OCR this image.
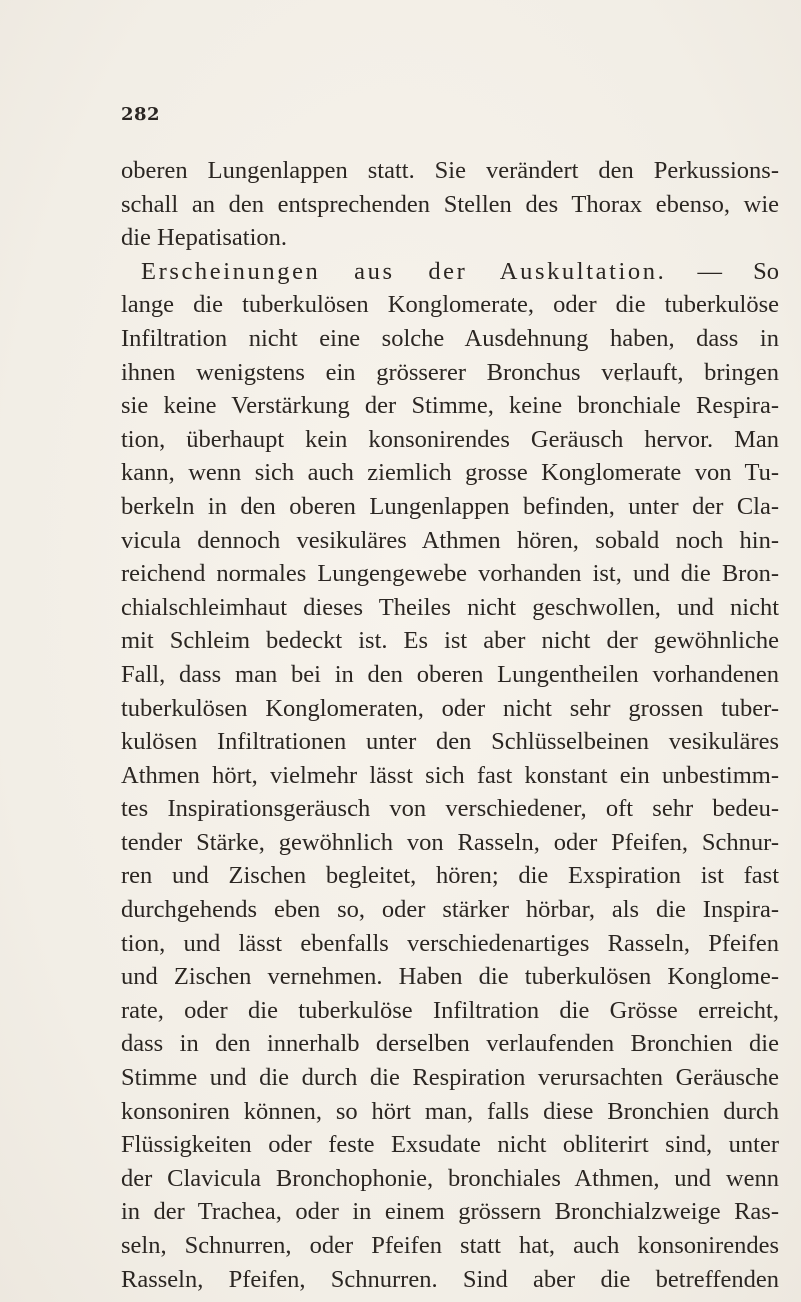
282
oberen Lungenlappen statt. Sie verändert den Perkussions-
schall an den entsprechenden Stellen des Thorax ebenso, wie
die Hepatisation.
Erscheinungen aus der Auskultation. — So
lange die tuberkulösen Konglomerate, oder die tuberkulöse
Infiltration nicht eine solche Ausdehnung haben, dass in
ihnen wenigstens ein grösserer Bronchus verlauft, bringen
sie keine Verstärkung der Stimme, keine bronchiale Respira-
tion, überhaupt kein konsonirendes Geräusch hervor. Man
kann, wenn sich auch ziemlich grosse Konglomerate von Tu-
berkeln in den oberen Lungenlappen befinden, unter der Cla-
vicula dennoch vesikuläres Athmen hören, sobald noch hin-
reichend normales Lungengewebe vorhanden ist, und die Bron-
chialschleimhaut dieses Theiles nicht geschwollen, und nicht
mit Schleim bedeckt ist. Es ist aber nicht der gewöhnliche
Fall, dass man bei in den oberen Lungentheilen vorhandenen
tuberkulösen Konglomeraten, oder nicht sehr grossen tuber-
kulösen Infiltrationen unter den Schlüsselbeinen vesikuläres
Athmen hört, vielmehr lässt sich fast konstant ein unbestimm-
tes Inspirationsgeräusch von verschiedener, oft sehr bedeu-
tender Stärke, gewöhnlich von Rasseln, oder Pfeifen, Schnur-
ren und Zischen begleitet, hören; die Exspiration ist fast
durchgehends eben so, oder stärker hörbar, als die Inspira-
tion, und lässt ebenfalls verschiedenartiges Rasseln, Pfeifen
und Zischen vernehmen. Haben die tuberkulösen Konglome-
rate, oder die tuberkulöse Infiltration die Grösse erreicht,
dass in den innerhalb derselben verlaufenden Bronchien die
Stimme und die durch die Respiration verursachten Geräusche
konsoniren können, so hört man, falls diese Bronchien durch
Flüssigkeiten oder feste Exsudate nicht obliterirt sind, unter
der Clavicula Bronchophonie, bronchiales Athmen, und wenn
in der Trachea, oder in einem grössern Bronchialzweige Ras-
seln, Schnurren, oder Pfeifen statt hat, auch konsonirendes
Rasseln, Pfeifen, Schnurren. Sind aber die betreffenden
